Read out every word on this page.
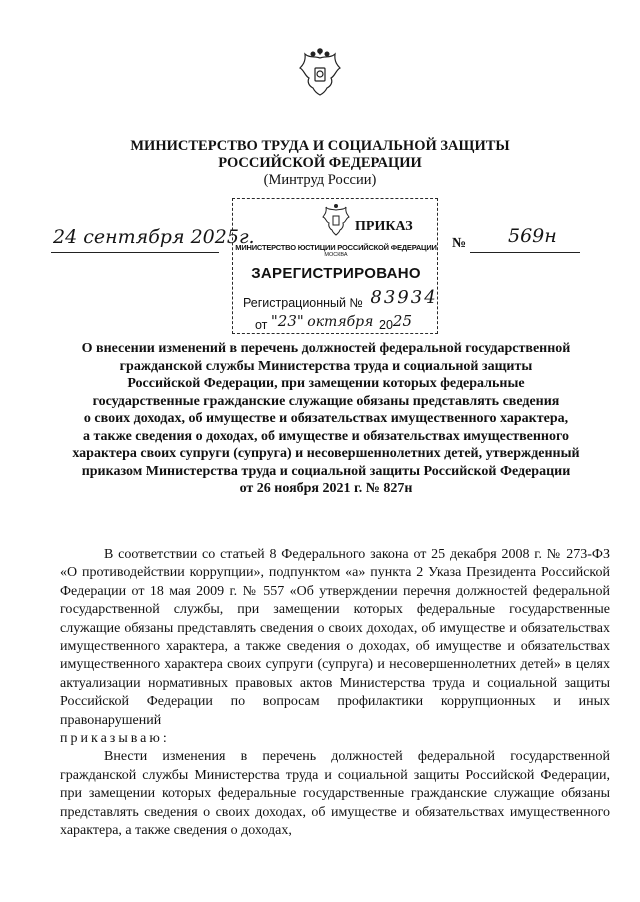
МИНИСТЕРСТВО ТРУДА И СОЦИАЛЬНОЙ ЗАЩИТЫ
РОССИЙСКОЙ ФЕДЕРАЦИИ
(Минтруд России)
24 сентября 2025г.	№ 569н
ПРИКАЗ
МИНИСТЕРСТВО ЮСТИЦИИ РОССИЙСКОЙ ФЕДЕРАЦИИ
МОСКВА
ЗАРЕГИСТРИРОВАНО
Регистрационный № 83934
от "23" октября 2025
О внесении изменений в перечень должностей федеральной государственной
гражданской службы Министерства труда и социальной защиты
Российской Федерации, при замещении которых федеральные
государственные гражданские служащие обязаны представлять сведения
о своих доходах, об имуществе и обязательствах имущественного характера,
а также сведения о доходах, об имуществе и обязательствах имущественного
характера своих супруги (супруга) и несовершеннолетних детей, утвержденный
приказом Министерства труда и социальной защиты Российской Федерации
от 26 ноября 2021 г. № 827н

В соответствии со статьей 8 Федерального закона от 25 декабря 2008 г. № 273-ФЗ «О противодействии коррупции», подпунктом «а» пункта 2 Указа Президента Российской Федерации от 18 мая 2009 г. № 557 «Об утверждении перечня должностей федеральной государственной службы, при замещении которых федеральные государственные служащие обязаны представлять сведения о своих доходах, об имуществе и обязательствах имущественного характера, а также сведения о доходах, об имуществе и обязательствах имущественного характера своих супруги (супруга) и несовершеннолетних детей» в целях актуализации нормативных правовых актов Министерства труда и социальной защиты Российской Федерации по вопросам профилактики коррупционных и иных правонарушений

приказываю:

Внести изменения в перечень должностей федеральной государственной гражданской службы Министерства труда и социальной защиты Российской Федерации, при замещении которых федеральные государственные гражданские служащие обязаны представлять сведения о своих доходах, об имуществе и обязательствах имущественного характера, а также сведения о доходах,
